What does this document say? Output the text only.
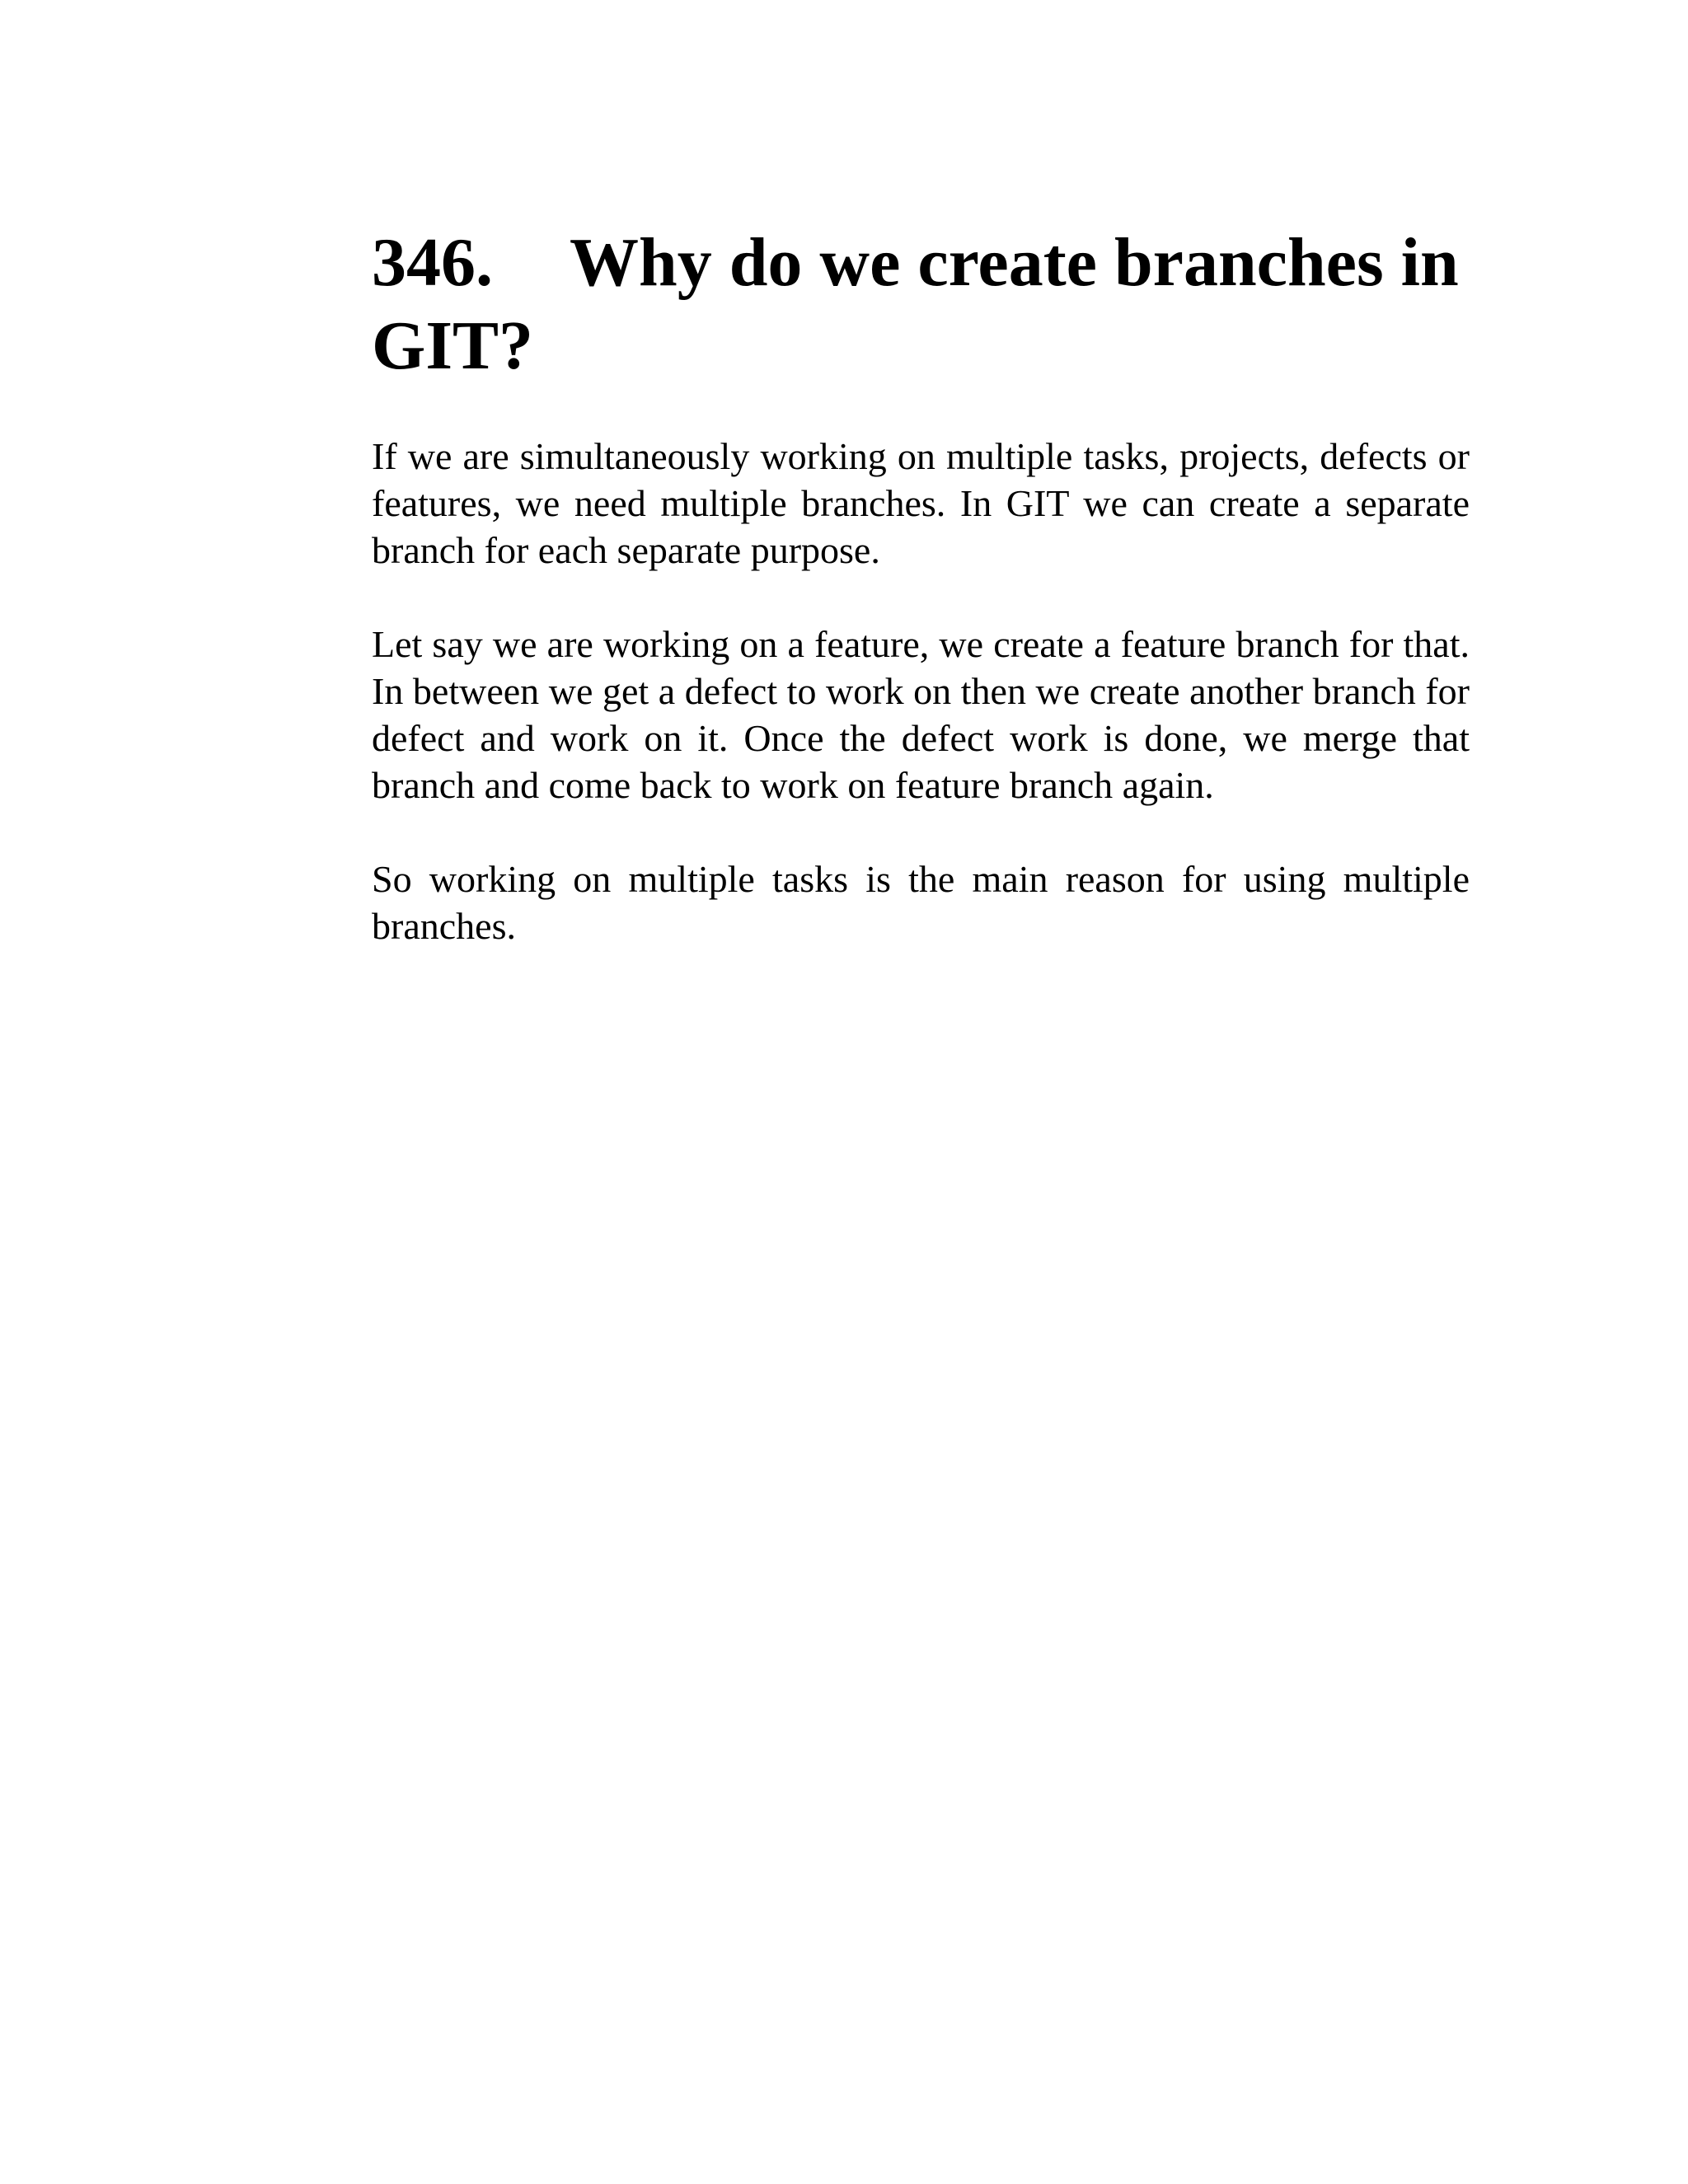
346. Why do we create branches in GIT?

If we are simultaneously working on multiple tasks, projects, defects or features, we need multiple branches. In GIT we can create a separate branch for each separate purpose.

Let say we are working on a feature, we create a feature branch for that. In between we get a defect to work on then we create another branch for defect and work on it. Once the defect work is done, we merge that branch and come back to work on feature branch again.

So working on multiple tasks is the main reason for using multiple branches.
